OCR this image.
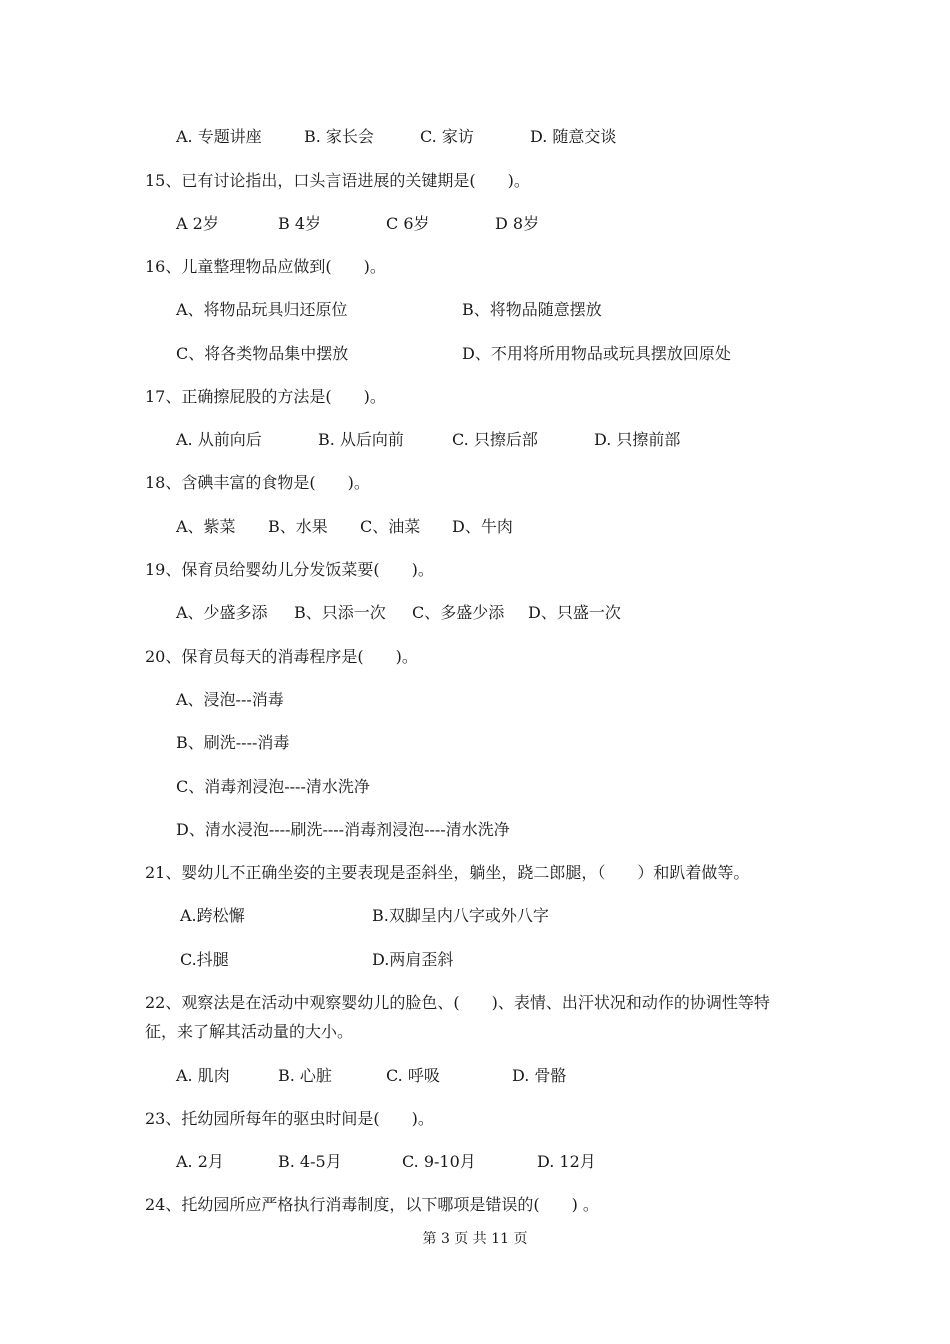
A. 专题讲座	B. 家长会	C. 家访	D. 随意交谈
15、已有讨论指出，口头言语进展的关键期是(　　)。
A 2岁	B 4岁	C 6岁	D 8岁
16、儿童整理物品应做到(　　)。
A、将物品玩具归还原位	B、将物品随意摆放
C、将各类物品集中摆放	D、不用将所用物品或玩具摆放回原处
17、正确擦屁股的方法是(　　)。
A. 从前向后	B. 从后向前	C. 只擦后部	D. 只擦前部
18、含碘丰富的食物是(　　)。
A、紫菜 B、水果 C、油菜 D、牛肉
19、保育员给婴幼儿分发饭菜要(　　)。
A、少盛多添 B、只添一次 C、多盛少添 D、只盛一次
20、保育员每天的消毒程序是(　　)。
A、浸泡---消毒
B、刷洗----消毒
C、消毒剂浸泡----清水洗净
D、清水浸泡----刷洗----消毒剂浸泡----清水洗净
21、婴幼儿不正确坐姿的主要表现是歪斜坐，躺坐，跷二郎腿，（　　）和趴着做等。
A.跨松懈	B.双脚呈内八字或外八字
C.抖腿	D.两肩歪斜
22、观察法是在活动中观察婴幼儿的脸色、(　　)、表情、出汗状况和动作的协调性等特
征，来了解其活动量的大小。
A. 肌肉	B. 心脏	C. 呼吸	D. 骨骼
23、托幼园所每年的驱虫时间是(　　)。
A. 2月	B. 4-5月	C. 9-10月	D. 12月
24、托幼园所应严格执行消毒制度，以下哪项是错误的(　　) 。
第 3 页 共 11 页
